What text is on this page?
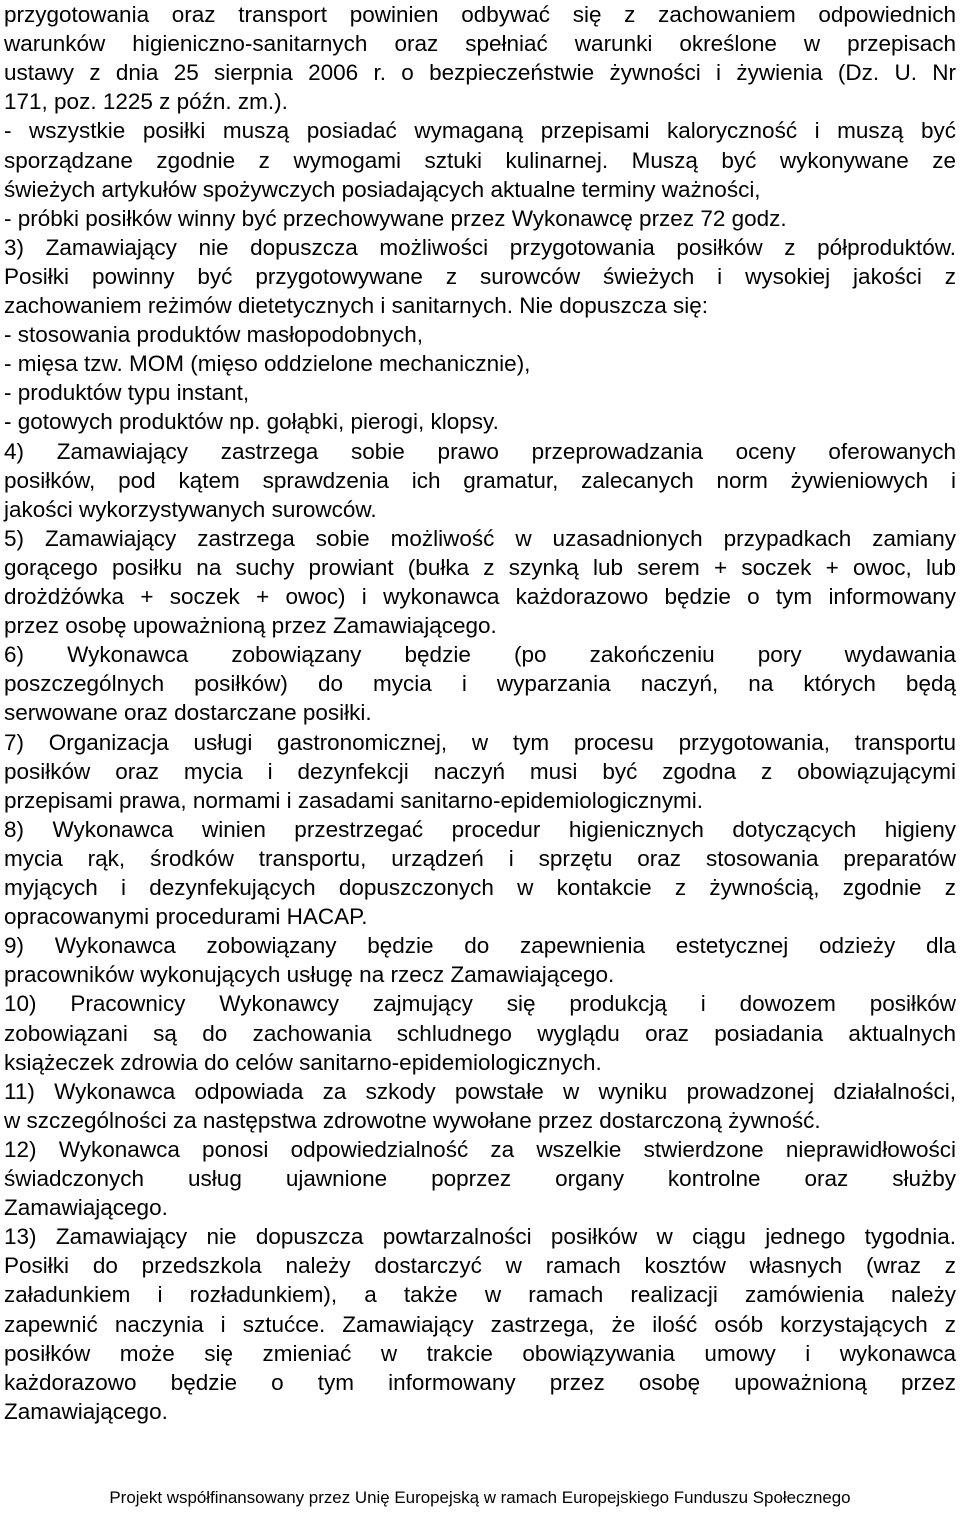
przygotowania oraz transport powinien odbywać się z zachowaniem odpowiednich

warunków higieniczno-sanitarnych oraz spełniać warunki określone w przepisach

ustawy z dnia 25 sierpnia 2006 r. o bezpieczeństwie żywności i żywienia (Dz. U. Nr

171, poz. 1225 z późn. zm.).

- wszystkie posiłki muszą posiadać wymaganą przepisami kaloryczność i muszą być

sporządzane zgodnie z wymogami sztuki kulinarnej. Muszą być wykonywane ze

świeżych artykułów spożywczych posiadających aktualne terminy ważności,

- próbki posiłków winny być przechowywane przez Wykonawcę przez 72 godz.

3) Zamawiający nie dopuszcza możliwości przygotowania posiłków z półproduktów.

Posiłki powinny być przygotowywane z surowców świeżych i wysokiej jakości z

zachowaniem reżimów dietetycznych i sanitarnych. Nie dopuszcza się:

- stosowania produktów masłopodobnych,

- mięsa tzw. MOM (mięso oddzielone mechanicznie),

- produktów typu instant,

- gotowych produktów np. gołąbki, pierogi, klopsy.

4) Zamawiający zastrzega sobie prawo przeprowadzania oceny oferowanych

posiłków, pod kątem sprawdzenia ich gramatur, zalecanych norm żywieniowych i

jakości wykorzystywanych surowców.

5) Zamawiający zastrzega sobie możliwość w uzasadnionych przypadkach zamiany

gorącego posiłku na suchy prowiant (bułka z szynką lub serem + soczek + owoc, lub

drożdżówka + soczek + owoc) i wykonawca każdorazowo będzie o tym informowany

przez osobę upoważnioną przez Zamawiającego.

6) Wykonawca zobowiązany będzie (po zakończeniu pory wydawania

poszczególnych posiłków) do mycia i wyparzania naczyń, na których będą

serwowane oraz dostarczane posiłki.

7) Organizacja usługi gastronomicznej, w tym procesu przygotowania, transportu

posiłków oraz mycia i dezynfekcji naczyń musi być zgodna z obowiązującymi

przepisami prawa, normami i zasadami sanitarno-epidemiologicznymi.

8) Wykonawca winien przestrzegać procedur higienicznych dotyczących higieny

mycia rąk, środków transportu, urządzeń i sprzętu oraz stosowania preparatów

myjących i dezynfekujących dopuszczonych w kontakcie z żywnością, zgodnie z

opracowanymi procedurami HACAP.

9) Wykonawca zobowiązany będzie do zapewnienia estetycznej odzieży dla

pracowników wykonujących usługę na rzecz Zamawiającego.

10) Pracownicy Wykonawcy zajmujący się produkcją i dowozem posiłków

zobowiązani są do zachowania schludnego wyglądu oraz posiadania aktualnych

książeczek zdrowia do celów sanitarno-epidemiologicznych.

11) Wykonawca odpowiada za szkody powstałe w wyniku prowadzonej działalności,

w szczególności za następstwa zdrowotne wywołane przez dostarczoną żywność.

12) Wykonawca ponosi odpowiedzialność za wszelkie stwierdzone nieprawidłowości

świadczonych usług ujawnione poprzez organy kontrolne oraz służby

Zamawiającego.

13) Zamawiający nie dopuszcza powtarzalności posiłków w ciągu jednego tygodnia.

Posiłki do przedszkola należy dostarczyć w ramach kosztów własnych (wraz z

załadunkiem i rozładunkiem), a także w ramach realizacji zamówienia należy

zapewnić naczynia i sztućce. Zamawiający zastrzega, że ilość osób korzystających z

posiłków może się zmieniać w trakcie obowiązywania umowy i wykonawca

każdorazowo będzie o tym informowany przez osobę upoważnioną przez

Zamawiającego.

Projekt współfinansowany przez Unię Europejską w ramach Europejskiego Funduszu Społecznego
